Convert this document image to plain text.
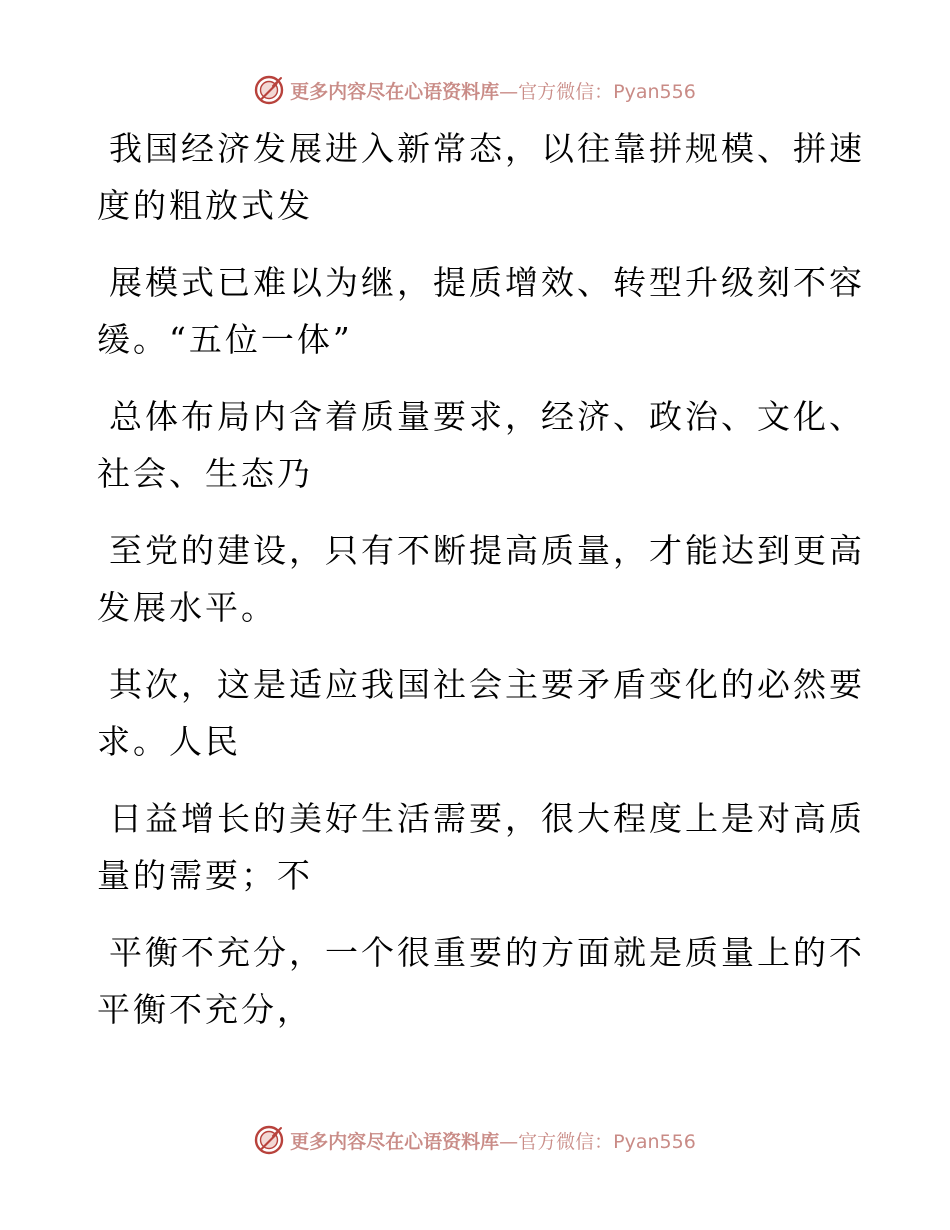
更多内容尽在心语资料库—官方微信：Pyan556

我国经济发展进入新常态，以往靠拼规模、拼速
度的粗放式发

展模式已难以为继，提质增效、转型升级刻不容
缓。“五位一体”

总体布局内含着质量要求，经济、政治、文化、
社会、生态乃

至党的建设，只有不断提高质量，才能达到更高
发展水平。

其次，这是适应我国社会主要矛盾变化的必然要
求。人民

日益增长的美好生活需要，很大程度上是对高质
量的需要；不

平衡不充分，一个很重要的方面就是质量上的不
平衡不充分，

更多内容尽在心语资料库—官方微信：Pyan556
